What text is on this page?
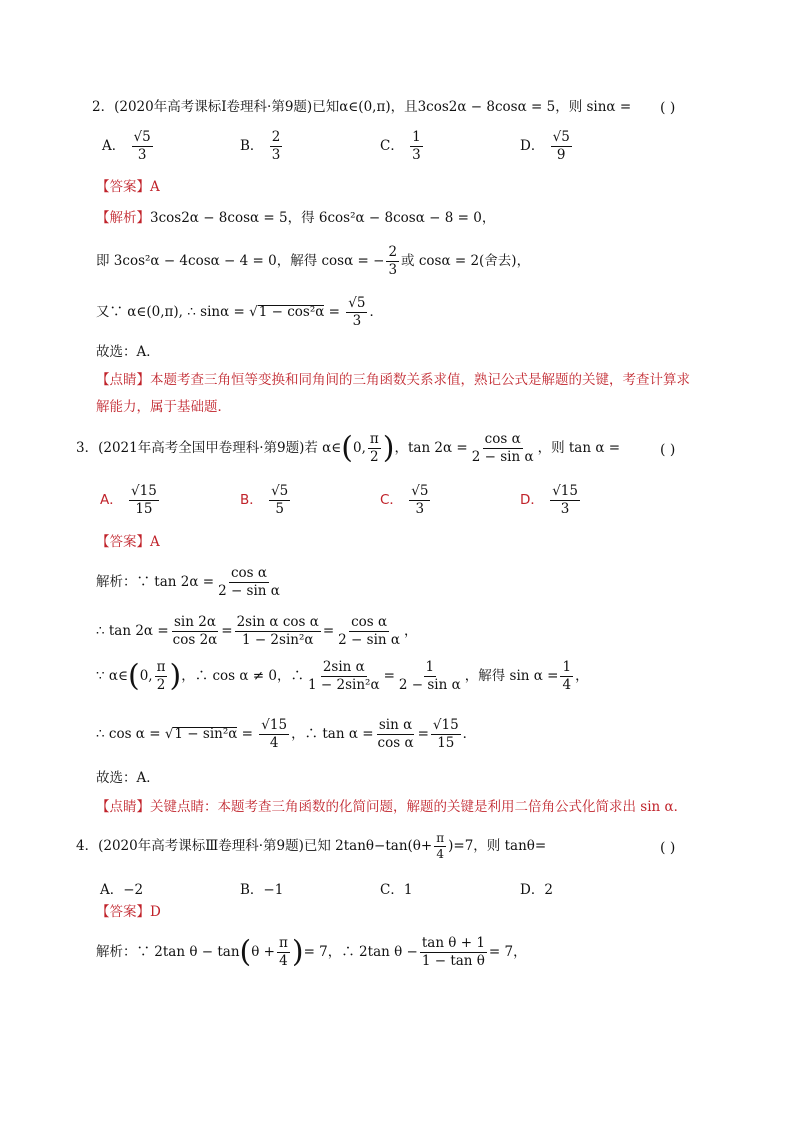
2．(2020年高考课标Ⅰ卷理科·第9题)已知α∈(0,π)，且3cos2α − 8cosα = 5，则 sinα = ( )
A． $\frac{√5}{3}$	B． $\frac{2}{3}$	C． $\frac{1}{3}$	D． $\frac{√5}{9}$
【答案】A
【解析】3cos2α − 8cosα = 5，得 6cos²α − 8cosα − 8 = 0，
即 3cos²α − 4cosα − 4 = 0，解得 cosα = − $\frac{2}{3}$ 或 cosα = 2(舍去)，
又∵ α∈(0,π), ∴ $\sin\alpha = √1 - \cos^2\alpha = \frac{√5}{3}$ ．
故选：A．
【点睛】本题考查三角恒等变换和同角间的三角函数关系求值，熟记公式是解题的关键，考查计算求
解能力，属于基础题．
3．(2021年高考全国甲卷理科·第9题)若 α∈(0, $\frac{\pi}{2}$ )，$\tan 2\alpha = \frac{\text{cos α}}{\text{2 − sin α}}$ ，则 tan α =	( )
A． $\frac{√15}{15}$	B． $\frac{√5}{5}$	C． $\frac{√5}{3}$	D． $\frac{√15}{3}$
【答案】A
解析：∵ $\tan 2\alpha = \frac{\text{cos α}}{\text{2 − sin α}}$
∴ $\tan 2\alpha = \frac{\sin 2\alpha}{\cos 2\alpha} = \frac{\text{2sin α cos α}}{\text{1 − 2sin²α}} = \frac{\text{cos α}}{\text{2 − sin α}}$ ，
∵ α∈(0, $\frac{\pi}{2}$ )，∴ cos α ≠ 0，∴ $\frac{\text{2sin α}}{\text{1 − 2sin²α}} = \frac{1}{\text{2 − sin α}}$ ，解得 $\sin \alpha = \frac{1}{4}$ ，
∴ $\cos \alpha = √1 - \sin^2\alpha = \frac{√15}{4}$ ，∴ $\tan \alpha = \frac{\text{sin α}}{\text{cos α}} = \frac{√15}{15}$ ．
故选：A．
【点睛】关键点睛：本题考查三角函数的化简问题，解题的关键是利用二倍角公式化简求出 sin α．
4．(2020年高考课标Ⅲ卷理科·第9题)已知 $2\tan\theta-\tan(\theta+ \frac{\pi}{4} )=7$，则 tanθ=	( )
A．−2	B．−1	C．1	D．2
【答案】D
解析：∵ 2tan $\theta - \tan(\theta + \frac{\pi}{4}$ )= 7，∴ 2tan $\theta - \frac{\text{tan θ + 1}}{\text{1 − tan θ}} = 7$，
